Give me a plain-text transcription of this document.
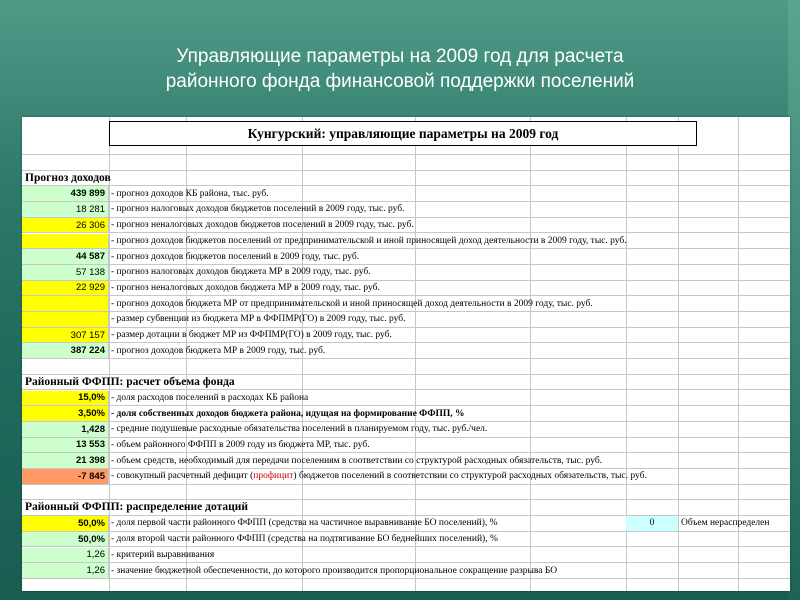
Управляющие параметры на 2009 год для расчета
районного фонда финансовой поддержки поселений
Кунгурский: управляющие параметры на 2009 год
Прогноз доходов
439 899 - прогноз доходов КБ района, тыс. руб.
18 281 - прогноз налоговых доходов бюджетов поселений в 2009 году, тыс. руб.
26 306 - прогноз неналоговых доходов бюджетов поселений в 2009 году, тыс. руб.
- прогноз доходов бюджетов поселений от предпринимательской и иной приносящей доход деятельности в 2009 году, тыс. руб.
44 587 - прогноз доходов бюджетов поселений в 2009 году, тыс. руб.
57 138 - прогноз налоговых доходов бюджета МР в 2009 году, тыс. руб.
22 929 - прогноз неналоговых доходов бюджета МР в 2009 году, тыс. руб.
- прогноз доходов бюджета МР от предпринимательской и иной приносящей доход деятельности в 2009 году, тыс. руб.
- размер субвенции из бюджета МР в ФФПМР(ГО) в 2009 году, тыс. руб.
307 157 - размер дотации в бюджет МР из ФФПМР(ГО) в 2009 году, тыс. руб.
387 224 - прогноз доходов бюджета МР в 2009 году, тыс. руб.
Районный ФФПП: расчет объема фонда
15,0% - доля расходов поселений в расходах КБ района
3,50% - доля собственных доходов бюджета района, идущая на формирование ФФПП, %
1,428 - средние подушевые расходные обязательства поселений в планируемом году, тыс. руб./чел.
13 553 - объем районного ФФПП в 2009 году из бюджета МР, тыс. руб.
21 398 - объем средств, необходимый для передачи поселениям в соответствии со структурой расходных обязательств, тыс. руб.
-7 845 - совокупный расчетный дефицит ( профицит ) бюджетов поселений в соответствии со структурой расходных обязательств, тыс. руб.
Районный ФФПП: распределение дотаций
50,0% - доля первой части районного ФФПП (средства на частичное выравнивание БО поселений), %	0	Объем нераспределен
50,0% - доля второй части районного ФФПП (средства на подтягивание БО беднейших поселений), %
1,26 - критерий выравнивания
1,26 - значение бюджетной обеспеченности, до которого производится пропорциональное сокращение разрыва БО
